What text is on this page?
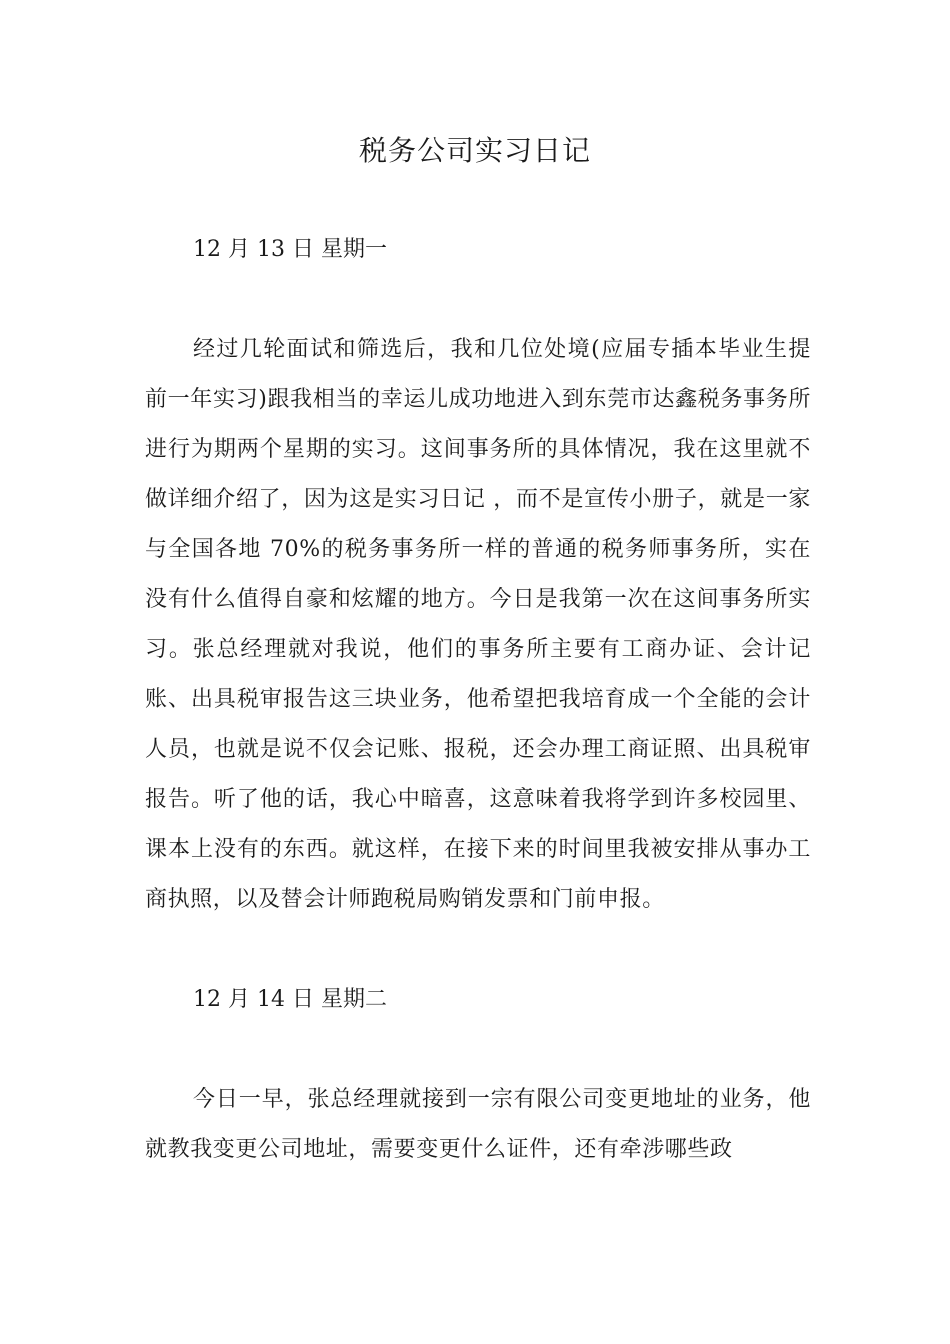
税务公司实习日记

12 月 13 日 星期一

经过几轮面试和筛选后，我和几位处境(应届专插本毕业生提前一年实习)跟我相当的幸运儿成功地进入到东莞市达鑫税务事务所进行为期两个星期的实习。这间事务所的具体情况，我在这里就不做详细介绍了，因为这是实习日记 ，而不是宣传小册子，就是一家与全国各地 70%的税务事务所一样的普通的税务师事务所，实在没有什么值得自豪和炫耀的地方。今日是我第一次在这间事务所实习。张总经理就对我说，他们的事务所主要有工商办证、会计记账、出具税审报告这三块业务，他希望把我培育成一个全能的会计人员，也就是说不仅会记账、报税，还会办理工商证照、出具税审报告。听了他的话，我心中暗喜，这意味着我将学到许多校园里、课本上没有的东西。就这样，在接下来的时间里我被安排从事办工商执照，以及替会计师跑税局购销发票和门前申报。

12 月 14 日 星期二

今日一早，张总经理就接到一宗有限公司变更地址的业务，他就教我变更公司地址，需要变更什么证件，还有牵涉哪些政
